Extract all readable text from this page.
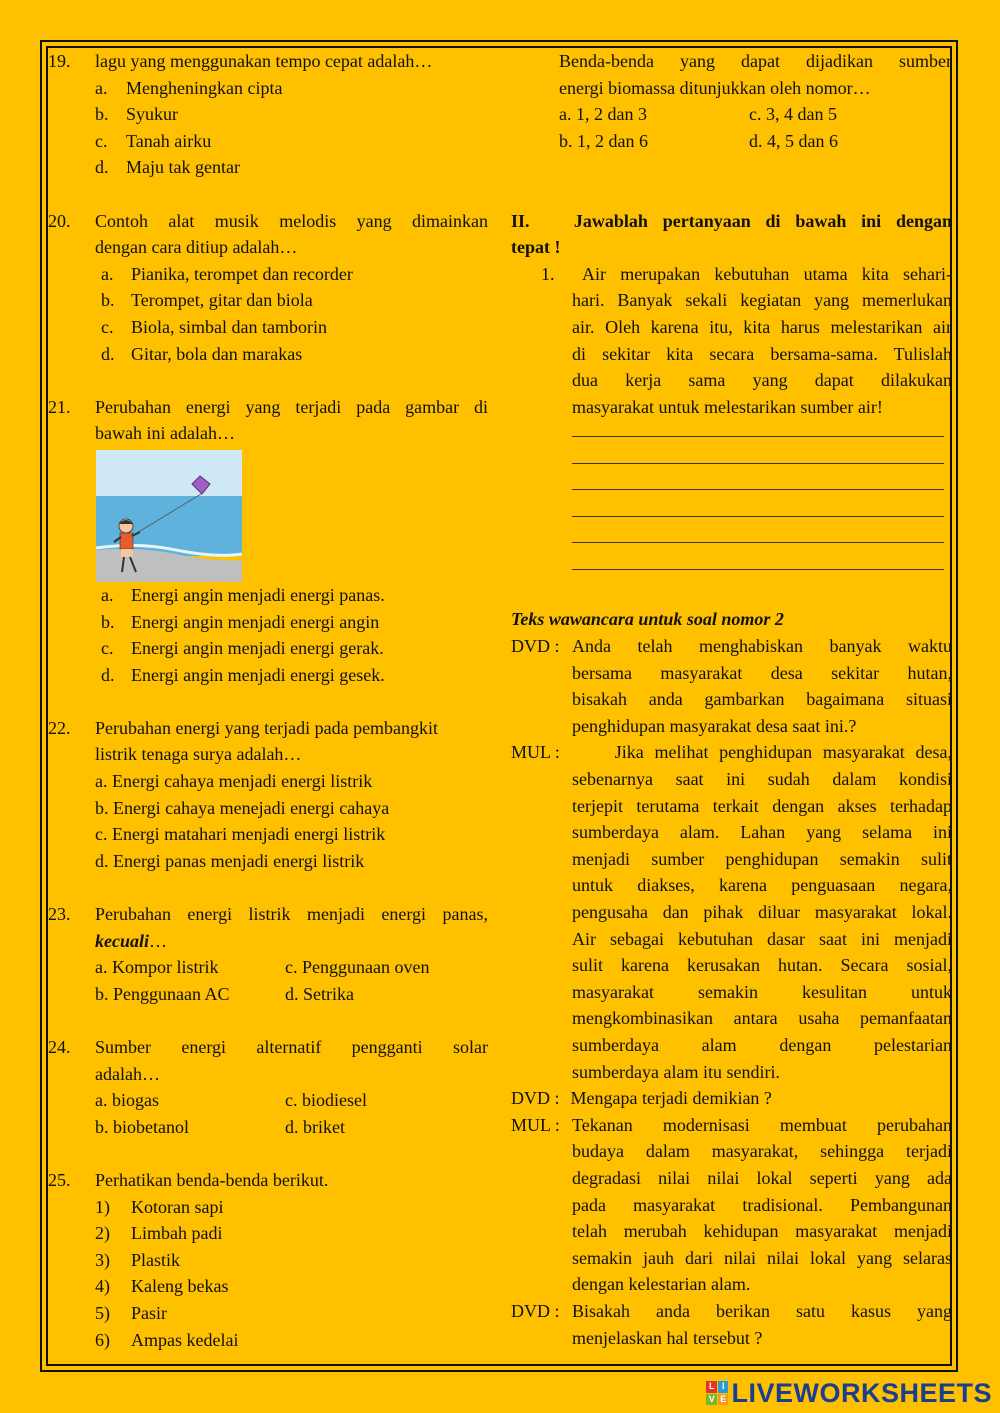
19. lagu yang menggunakan tempo cepat adalah…
a. Mengheningkan cipta
b. Syukur
c. Tanah airku
d. Maju tak gentar
20. Contoh alat musik melodis yang dimainkan
dengan cara ditiup adalah…
a. Pianika, terompet dan recorder
b. Terompet, gitar dan biola
c. Biola, simbal dan tamborin
d. Gitar, bola dan marakas
21. Perubahan energi yang terjadi pada gambar di
bawah ini adalah…
a. Energi angin menjadi energi panas.
b. Energi angin menjadi energi angin
c. Energi angin menjadi energi gerak.
d. Energi angin menjadi energi gesek.
22. Perubahan energi yang terjadi pada pembangkit
listrik tenaga surya adalah…
a. Energi cahaya menjadi energi listrik
b. Energi cahaya menejadi energi cahaya
c. Energi matahari menjadi energi listrik
d. Energi panas menjadi energi listrik
23. Perubahan energi listrik menjadi energi panas,
kecuali…
a. Kompor listrik	c. Penggunaan oven
b. Penggunaan AC	d. Setrika
24. Sumber energi alternatif pengganti solar
adalah…
a. biogas	c. biodiesel
b. biobetanol	d. briket
25. Perhatikan benda-benda berikut.
1) Kotoran sapi
2) Limbah padi
3) Plastik
4) Kaleng bekas
5) Pasir
6) Ampas kedelai
Benda-benda yang dapat dijadikan sumber
energi biomassa ditunjukkan oleh nomor…
a. 1, 2 dan 3	c. 3, 4 dan 5
b. 1, 2 dan 6	d. 4, 5 dan 6
II.   Jawablah pertanyaan di bawah ini dengan
tepat !
1. Air merupakan kebutuhan utama kita sehari-
hari. Banyak sekali kegiatan yang memerlukan
air. Oleh karena itu, kita harus melestarikan air
di sekitar kita secara bersama-sama. Tulislah
dua kerja sama yang dapat dilakukan
masyarakat untuk melestarikan sumber air!
Teks wawancara untuk soal nomor 2
DVD : Anda telah menghabiskan banyak waktu
bersama masyarakat desa sekitar hutan,
bisakah anda gambarkan bagaimana situasi
penghidupan masyarakat desa saat ini.?
MUL : Jika melihat penghidupan masyarakat desa,
sebenarnya saat ini sudah dalam kondisi
terjepit terutama terkait dengan akses terhadap
sumberdaya alam. Lahan yang selama ini
menjadi sumber penghidupan semakin sulit
untuk diakses, karena penguasaan negara,
pengusaha dan pihak diluar masyarakat lokal.
Air sebagai kebutuhan dasar saat ini menjadi
sulit karena kerusakan hutan. Secara sosial,
masyarakat semakin kesulitan untuk
mengkombinasikan antara usaha pemanfaatan
sumberdaya alam dengan pelestarian
sumberdaya alam itu sendiri.
DVD : Mengapa terjadi demikian ?
MUL : Tekanan modernisasi membuat perubahan
budaya dalam masyarakat, sehingga terjadi
degradasi nilai nilai lokal seperti yang ada
pada masyarakat tradisional. Pembangunan
telah merubah kehidupan masyarakat menjadi
semakin jauh dari nilai nilai lokal yang selaras
dengan kelestarian alam.
DVD : Bisakah anda berikan satu kasus yang
menjelaskan hal tersebut ?
L I
V E LIVEWORKSHEETS
